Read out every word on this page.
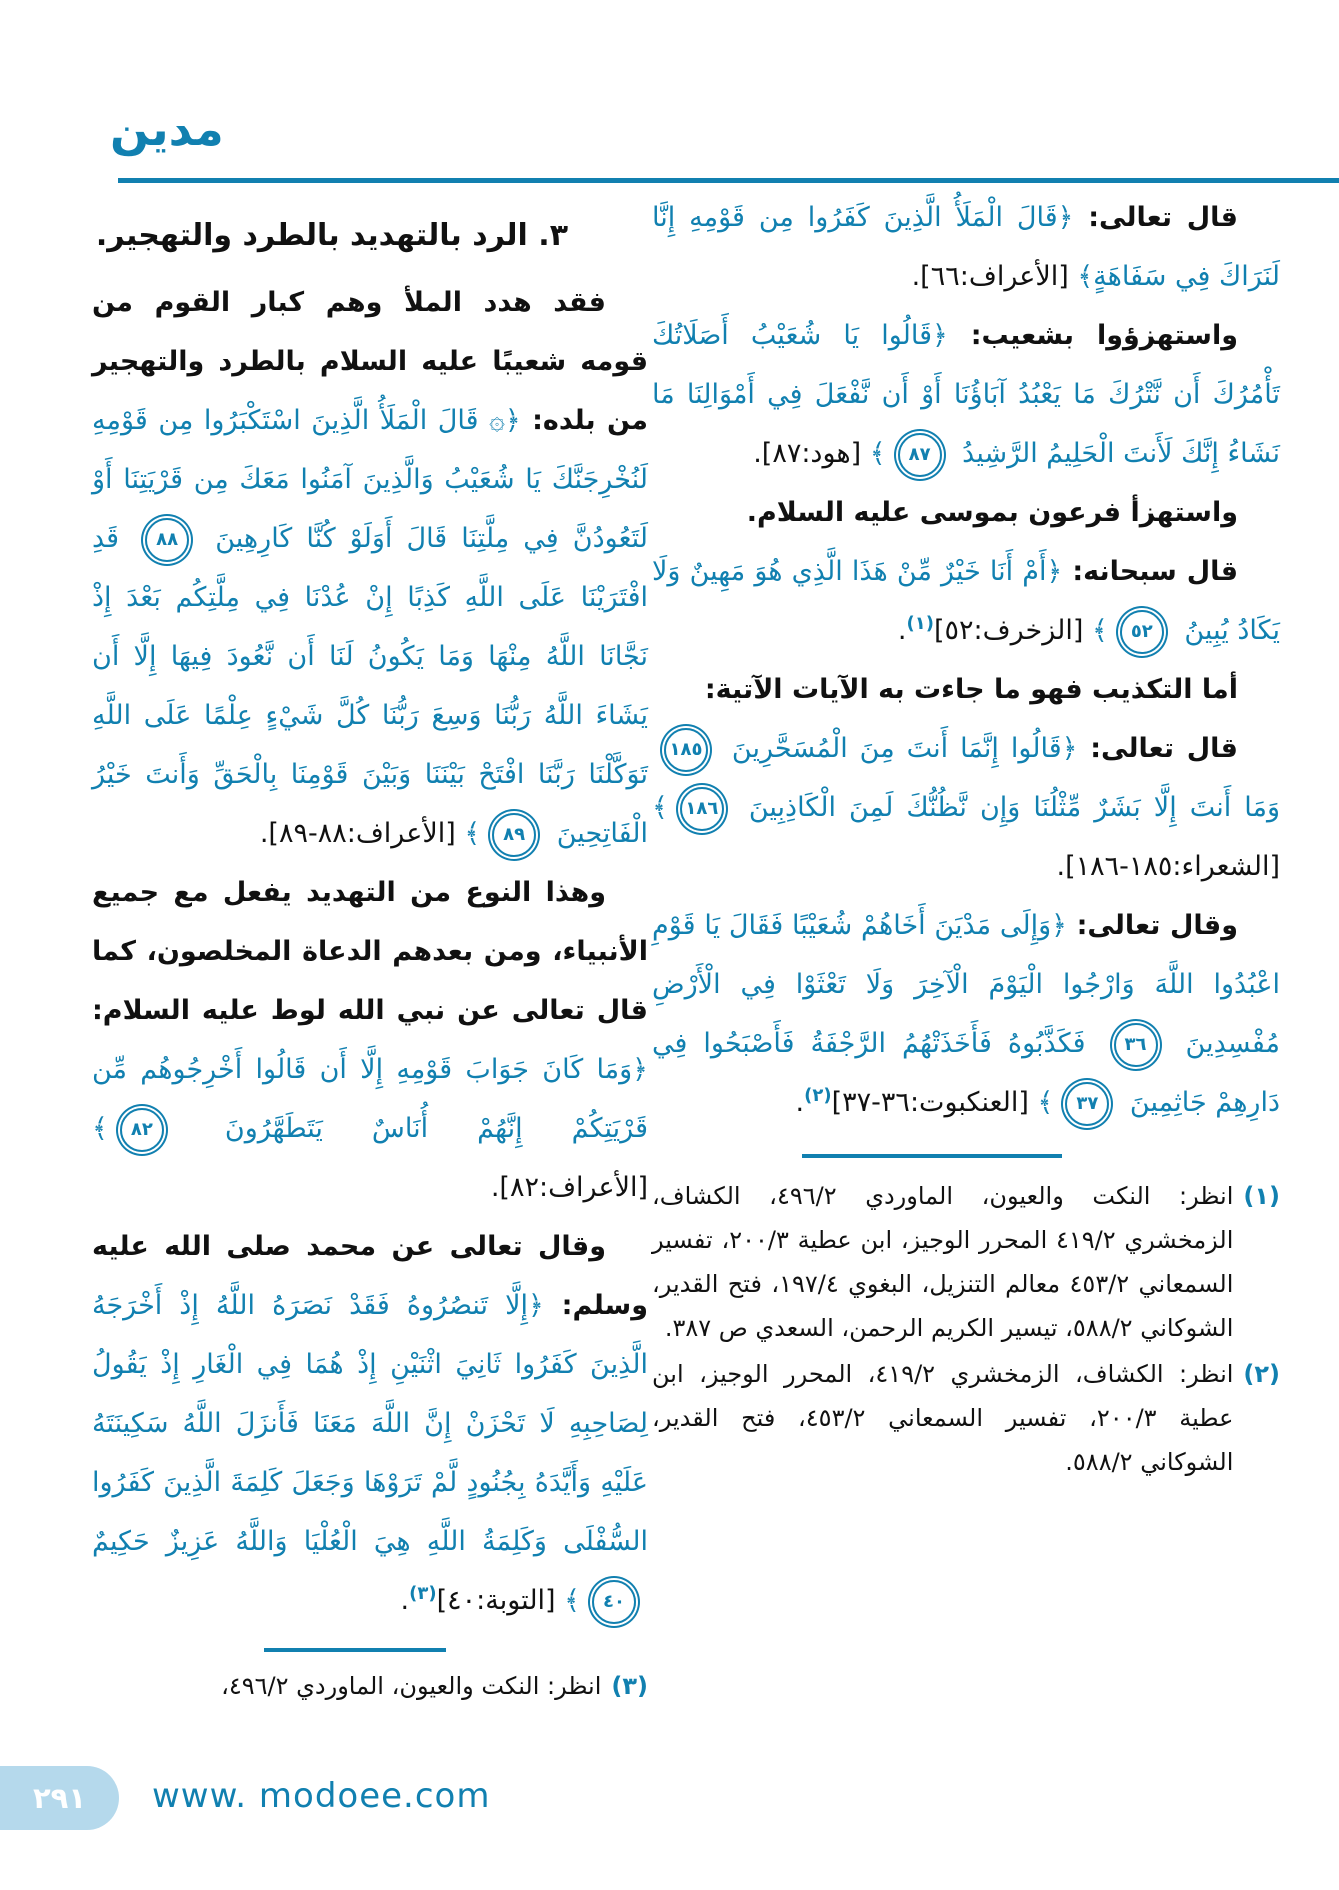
مدين

قال تعالى: ﴿قَالَ الْمَلَأُ الَّذِينَ كَفَرُوا مِن قَوْمِهِ إِنَّا لَنَرَاكَ فِي سَفَاهَةٍ﴾ [الأعراف:٦٦].

واستهزؤوا بشعيب: ﴿قَالُوا يَا شُعَيْبُ أَصَلَاتُكَ تَأْمُرُكَ أَن نَّتْرُكَ مَا يَعْبُدُ آبَاؤُنَا أَوْ أَن نَّفْعَلَ فِي أَمْوَالِنَا مَا نَشَاءُ إِنَّكَ لَأَنتَ الْحَلِيمُ الرَّشِيدُ ٨٧﴾ [هود:٨٧].

واستهزأ فرعون بموسى عليه السلام.

قال سبحانه: ﴿أَمْ أَنَا خَيْرٌ مِّنْ هَذَا الَّذِي هُوَ مَهِينٌ وَلَا يَكَادُ يُبِينُ ٥٢﴾ [الزخرف:٥٢]$^{(١)}$.

أما التكذيب فهو ما جاءت به الآيات الآتية:

قال تعالى: ﴿قَالُوا إِنَّمَا أَنتَ مِنَ الْمُسَحَّرِينَ ١٨٥ وَمَا أَنتَ إِلَّا بَشَرٌ مِّثْلُنَا وَإِن نَّظُنُّكَ لَمِنَ الْكَاذِبِينَ ١٨٦﴾ [الشعراء:١٨٥-١٨٦].

وقال تعالى: ﴿وَإِلَى مَدْيَنَ أَخَاهُمْ شُعَيْبًا فَقَالَ يَا قَوْمِ اعْبُدُوا اللَّهَ وَارْجُوا الْيَوْمَ الْآخِرَ وَلَا تَعْثَوْا فِي الْأَرْضِ مُفْسِدِينَ ٣٦ فَكَذَّبُوهُ فَأَخَذَتْهُمُ الرَّجْفَةُ فَأَصْبَحُوا فِي دَارِهِمْ جَاثِمِينَ ٣٧﴾ [العنكبوت:٣٦-٣٧]$^{(٢)}$.

(١)
انظر: النكت والعيون، الماوردي ٤٩٦/٢، الكشاف، الزمخشري ٤١٩/٢ المحرر الوجيز، ابن عطية ٢٠٠/٣، تفسير السمعاني ٤٥٣/٢ معالم التنزيل، البغوي ١٩٧/٤، فتح القدير، الشوكاني ٥٨٨/٢، تيسير الكريم الرحمن، السعدي ص ٣٨٧.
(٢)
انظر: الكشاف، الزمخشري ٤١٩/٢، المحرر الوجيز، ابن عطية ٢٠٠/٣، تفسير السمعاني ٤٥٣/٢، فتح القدير، الشوكاني ٥٨٨/٢.
٣. الرد بالتهديد بالطرد والتهجير.

فقد هدد الملأ وهم كبار القوم من قومه شعيبًا عليه السلام بالطرد والتهجير من بلده: ﴿۞ قَالَ الْمَلَأُ الَّذِينَ اسْتَكْبَرُوا مِن قَوْمِهِ لَنُخْرِجَنَّكَ يَا شُعَيْبُ وَالَّذِينَ آمَنُوا مَعَكَ مِن قَرْيَتِنَا أَوْ لَتَعُودُنَّ فِي مِلَّتِنَا قَالَ أَوَلَوْ كُنَّا كَارِهِينَ ٨٨ قَدِ افْتَرَيْنَا عَلَى اللَّهِ كَذِبًا إِنْ عُدْنَا فِي مِلَّتِكُم بَعْدَ إِذْ نَجَّانَا اللَّهُ مِنْهَا وَمَا يَكُونُ لَنَا أَن نَّعُودَ فِيهَا إِلَّا أَن يَشَاءَ اللَّهُ رَبُّنَا وَسِعَ رَبُّنَا كُلَّ شَيْءٍ عِلْمًا عَلَى اللَّهِ تَوَكَّلْنَا رَبَّنَا افْتَحْ بَيْنَنَا وَبَيْنَ قَوْمِنَا بِالْحَقِّ وَأَنتَ خَيْرُ الْفَاتِحِينَ ٨٩﴾ [الأعراف:٨٨-٨٩].

وهذا النوع من التهديد يفعل مع جميع الأنبياء، ومن بعدهم الدعاة المخلصون، كما قال تعالى عن نبي الله لوط عليه السلام: ﴿وَمَا كَانَ جَوَابَ قَوْمِهِ إِلَّا أَن قَالُوا أَخْرِجُوهُم مِّن قَرْيَتِكُمْ إِنَّهُمْ أُنَاسٌ يَتَطَهَّرُونَ ٨٢﴾ [الأعراف:٨٢].

وقال تعالى عن محمد صلى الله عليه وسلم: ﴿إِلَّا تَنصُرُوهُ فَقَدْ نَصَرَهُ اللَّهُ إِذْ أَخْرَجَهُ الَّذِينَ كَفَرُوا ثَانِيَ اثْنَيْنِ إِذْ هُمَا فِي الْغَارِ إِذْ يَقُولُ لِصَاحِبِهِ لَا تَحْزَنْ إِنَّ اللَّهَ مَعَنَا فَأَنزَلَ اللَّهُ سَكِينَتَهُ عَلَيْهِ وَأَيَّدَهُ بِجُنُودٍ لَّمْ تَرَوْهَا وَجَعَلَ كَلِمَةَ الَّذِينَ كَفَرُوا السُّفْلَى وَكَلِمَةُ اللَّهِ هِيَ الْعُلْيَا وَاللَّهُ عَزِيزٌ حَكِيمٌ ٤٠﴾ [التوبة:٤٠]$^{(٣)}$.

(٣)
انظر: النكت والعيون، الماوردي ٤٩٦/٢،
٢٩١	www. modoee.com
